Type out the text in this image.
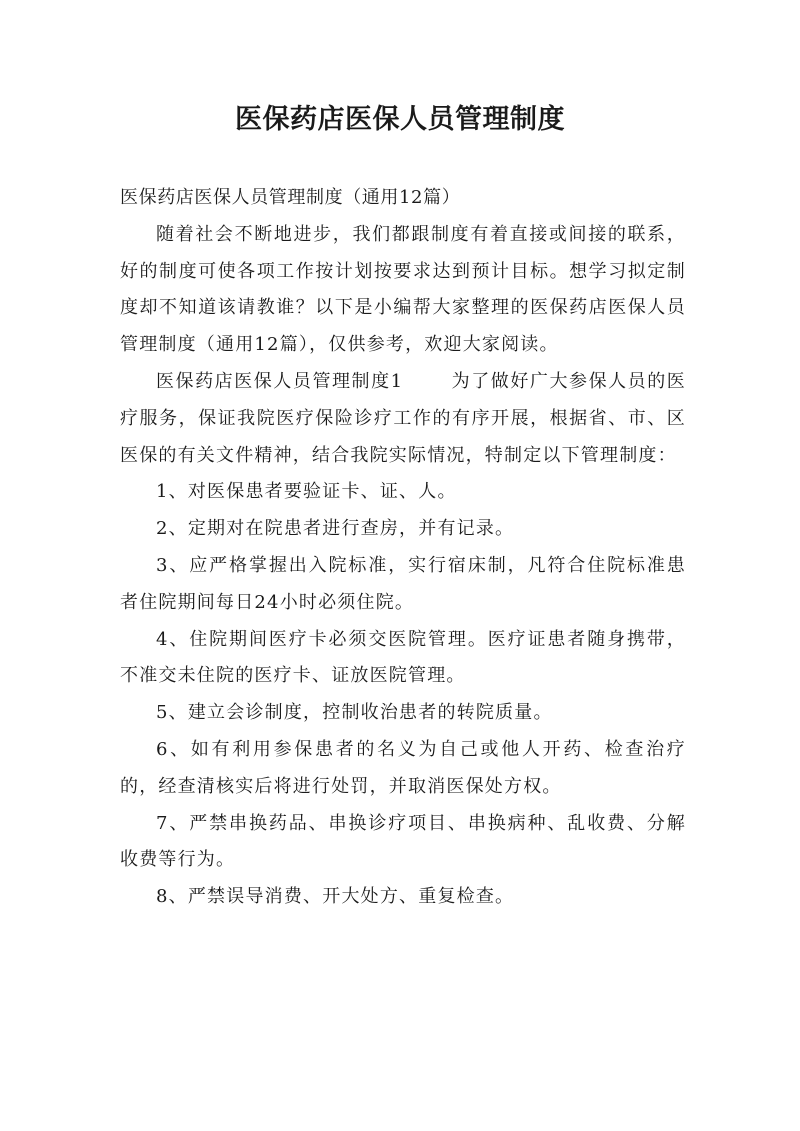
医保药店医保人员管理制度

医保药店医保人员管理制度（通用12篇）

随着社会不断地进步，我们都跟制度有着直接或间接的联系，好的制度可使各项工作按计划按要求达到预计目标。想学习拟定制度却不知道该请教谁？以下是小编帮大家整理的医保药店医保人员管理制度（通用12篇），仅供参考，欢迎大家阅读。

医保药店医保人员管理制度1	为了做好广大参保人员的医疗服务，保证我院医疗保险诊疗工作的有序开展，根据省、市、区医保的有关文件精神，结合我院实际情况，特制定以下管理制度：

1、对医保患者要验证卡、证、人。

2、定期对在院患者进行查房，并有记录。

3、应严格掌握出入院标准，实行宿床制，凡符合住院标准患者住院期间每日24小时必须住院。

4、住院期间医疗卡必须交医院管理。医疗证患者随身携带，不准交未住院的医疗卡、证放医院管理。

5、建立会诊制度，控制收治患者的转院质量。

6、如有利用参保患者的名义为自己或他人开药、检查治疗的，经查清核实后将进行处罚，并取消医保处方权。

7、严禁串换药品、串换诊疗项目、串换病种、乱收费、分解收费等行为。

8、严禁误导消费、开大处方、重复检查。
